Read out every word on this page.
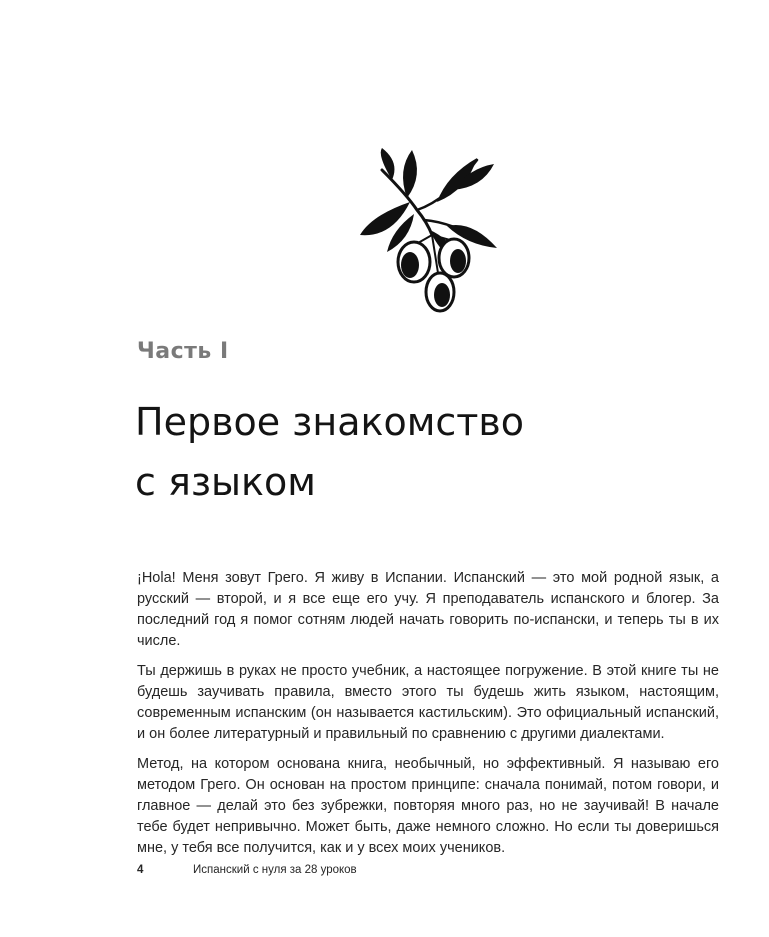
Часть I
Первое знакомство
с языком

¡Hola! Меня зовут Грего. Я живу в Испании. Испанский — это мой родной язык, а русский — второй, и я все еще его учу. Я преподаватель испанского и блогер. За последний год я помог сотням людей начать говорить по-испански, и теперь ты в их числе.

Ты держишь в руках не просто учебник, а настоящее погружение. В этой книге ты не будешь заучивать правила, вместо этого ты будешь жить языком, настоящим, современным испанским (он называется кастильским). Это официальный испанский, и он более литературный и правильный по сравнению с другими диалектами.

Метод, на котором основана книга, необычный, но эффективный. Я называю его методом Грего. Он основан на простом принципе: сначала понимай, потом говори, и главное — делай это без зубрежки, повторяя много раз, но не заучивай! В начале тебе будет непривычно. Может быть, даже немного сложно. Но если ты доверишься мне, у тебя все получится, как и у всех моих учеников.

4	Испанский с нуля за 28 уроков
